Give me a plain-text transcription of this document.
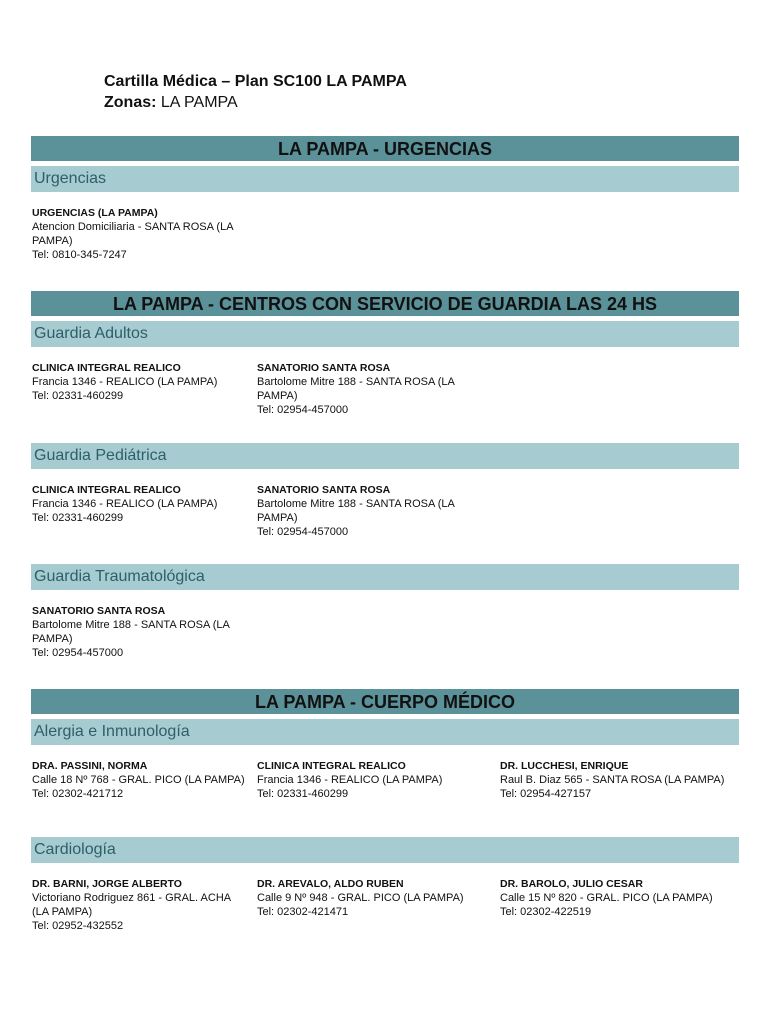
Cartilla Médica – Plan SC100 LA PAMPA
Zonas: LA PAMPA
LA PAMPA - URGENCIAS
Urgencias
URGENCIAS (LA PAMPA)
Atencion Domiciliaria - SANTA ROSA (LA PAMPA)
Tel: 0810-345-7247
LA PAMPA - CENTROS CON SERVICIO DE GUARDIA LAS 24 HS
Guardia Adultos
CLINICA INTEGRAL REALICO
Francia 1346 - REALICO (LA PAMPA)
Tel: 02331-460299
SANATORIO SANTA ROSA
Bartolome Mitre 188 - SANTA ROSA (LA PAMPA)
Tel: 02954-457000
Guardia Pediátrica
CLINICA INTEGRAL REALICO
Francia 1346 - REALICO (LA PAMPA)
Tel: 02331-460299
SANATORIO SANTA ROSA
Bartolome Mitre 188 - SANTA ROSA (LA PAMPA)
Tel: 02954-457000
Guardia Traumatológica
SANATORIO SANTA ROSA
Bartolome Mitre 188 - SANTA ROSA (LA PAMPA)
Tel: 02954-457000
LA PAMPA - CUERPO MÉDICO
Alergia e Inmunología
DRA. PASSINI, NORMA
Calle 18 Nº 768 - GRAL. PICO (LA PAMPA)
Tel: 02302-421712
CLINICA INTEGRAL REALICO
Francia 1346 - REALICO (LA PAMPA)
Tel: 02331-460299
DR. LUCCHESI, ENRIQUE
Raul B. Diaz 565 - SANTA ROSA (LA PAMPA)
Tel: 02954-427157
Cardiología
DR. BARNI, JORGE ALBERTO
Victoriano Rodriguez 861 - GRAL. ACHA (LA PAMPA)
Tel: 02952-432552
DR. AREVALO, ALDO RUBEN
Calle 9 Nº 948 - GRAL. PICO (LA PAMPA)
Tel: 02302-421471
DR. BAROLO, JULIO CESAR
Calle 15 Nº 820 - GRAL. PICO (LA PAMPA)
Tel: 02302-422519
